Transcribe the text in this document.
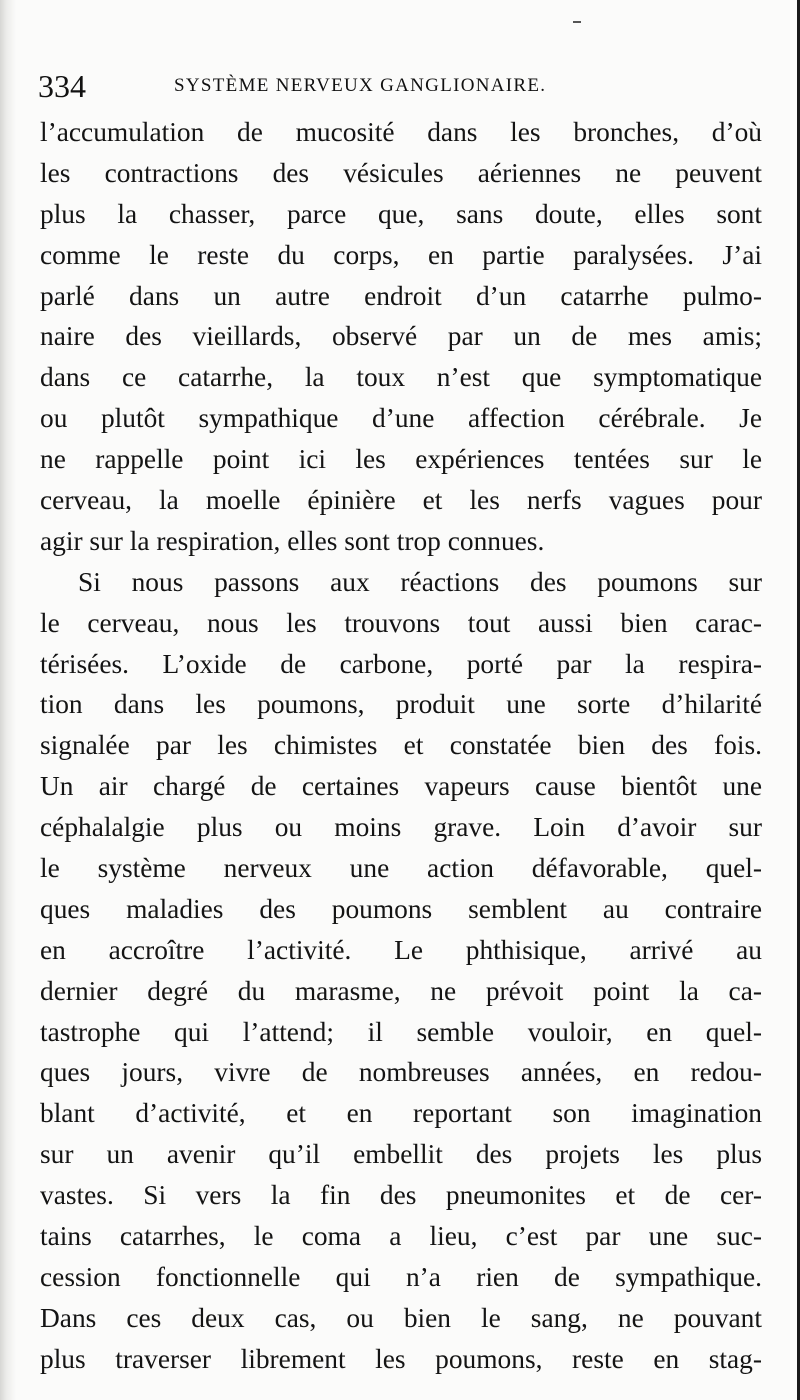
334	SYSTÈME NERVEUX GANGLIONAIRE.
l’accumulation de mucosité dans les bronches, d’où
les contractions des vésicules aériennes ne peuvent
plus la chasser, parce que, sans doute, elles sont
comme le reste du corps, en partie paralysées. J’ai
parlé dans un autre endroit d’un catarrhe pulmo-
naire des vieillards, observé par un de mes amis;
dans ce catarrhe, la toux n’est que symptomatique
ou plutôt sympathique d’une affection cérébrale. Je
ne rappelle point ici les expériences tentées sur le
cerveau, la moelle épinière et les nerfs vagues pour
agir sur la respiration, elles sont trop connues.
Si nous passons aux réactions des poumons sur
le cerveau, nous les trouvons tout aussi bien carac-
térisées. L’oxide de carbone, porté par la respira-
tion dans les poumons, produit une sorte d’hilarité
signalée par les chimistes et constatée bien des fois.
Un air chargé de certaines vapeurs cause bientôt une
céphalalgie plus ou moins grave. Loin d’avoir sur
le système nerveux une action défavorable, quel-
ques maladies des poumons semblent au contraire
en accroître l’activité. Le phthisique, arrivé au
dernier degré du marasme, ne prévoit point la ca-
tastrophe qui l’attend; il semble vouloir, en quel-
ques jours, vivre de nombreuses années, en redou-
blant d’activité, et en reportant son imagination
sur un avenir qu’il embellit des projets les plus
vastes. Si vers la fin des pneumonites et de cer-
tains catarrhes, le coma a lieu, c’est par une suc-
cession fonctionnelle qui n’a rien de sympathique.
Dans ces deux cas, ou bien le sang, ne pouvant
plus traverser librement les poumons, reste en stag-
